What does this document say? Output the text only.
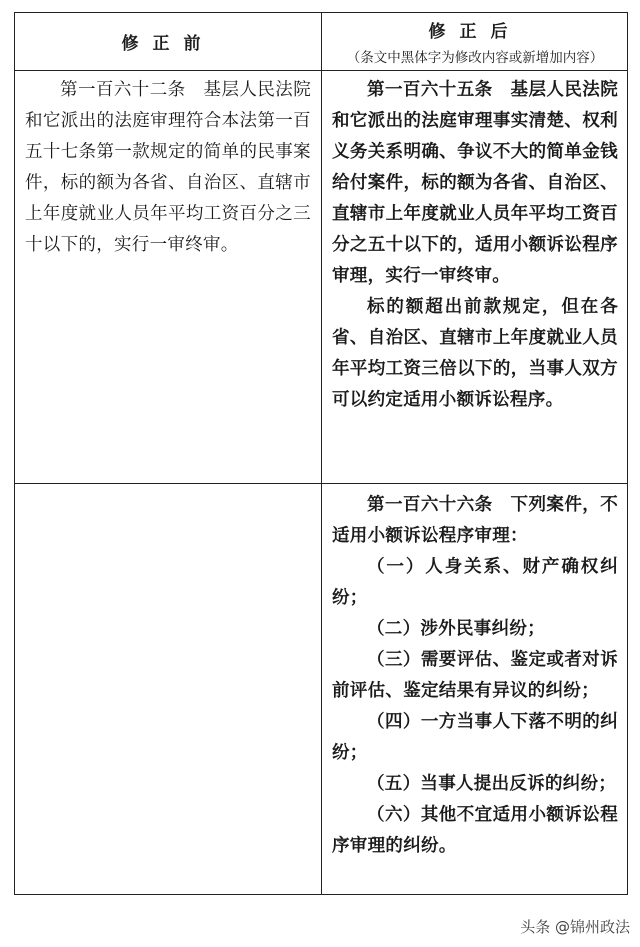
修正前
修正后
（条文中黑体字为修改内容或新增加内容）

第一百六十二条　基层人民法院和它派出的法庭审理符合本法第一百五十七条第一款规定的简单的民事案件，标的额为各省、自治区、直辖市上年度就业人员年平均工资百分之三十以下的，实行一审终审。

第一百六十五条　基层人民法院和它派出的法庭审理事实清楚、权利义务关系明确、争议不大的简单金钱给付案件，标的额为各省、自治区、直辖市上年度就业人员年平均工资百分之五十以下的，适用小额诉讼程序审理，实行一审终审。

标的额超出前款规定，但在各省、自治区、直辖市上年度就业人员年平均工资三倍以下的，当事人双方可以约定适用小额诉讼程序。

第一百六十六条　下列案件，不适用小额诉讼程序审理：

（一）人身关系、财产确权纠纷；

（二）涉外民事纠纷；

（三）需要评估、鉴定或者对诉前评估、鉴定结果有异议的纠纷；

（四）一方当事人下落不明的纠纷；

（五）当事人提出反诉的纠纷；

（六）其他不宜适用小额诉讼程序审理的纠纷。

头条 @锦州政法
